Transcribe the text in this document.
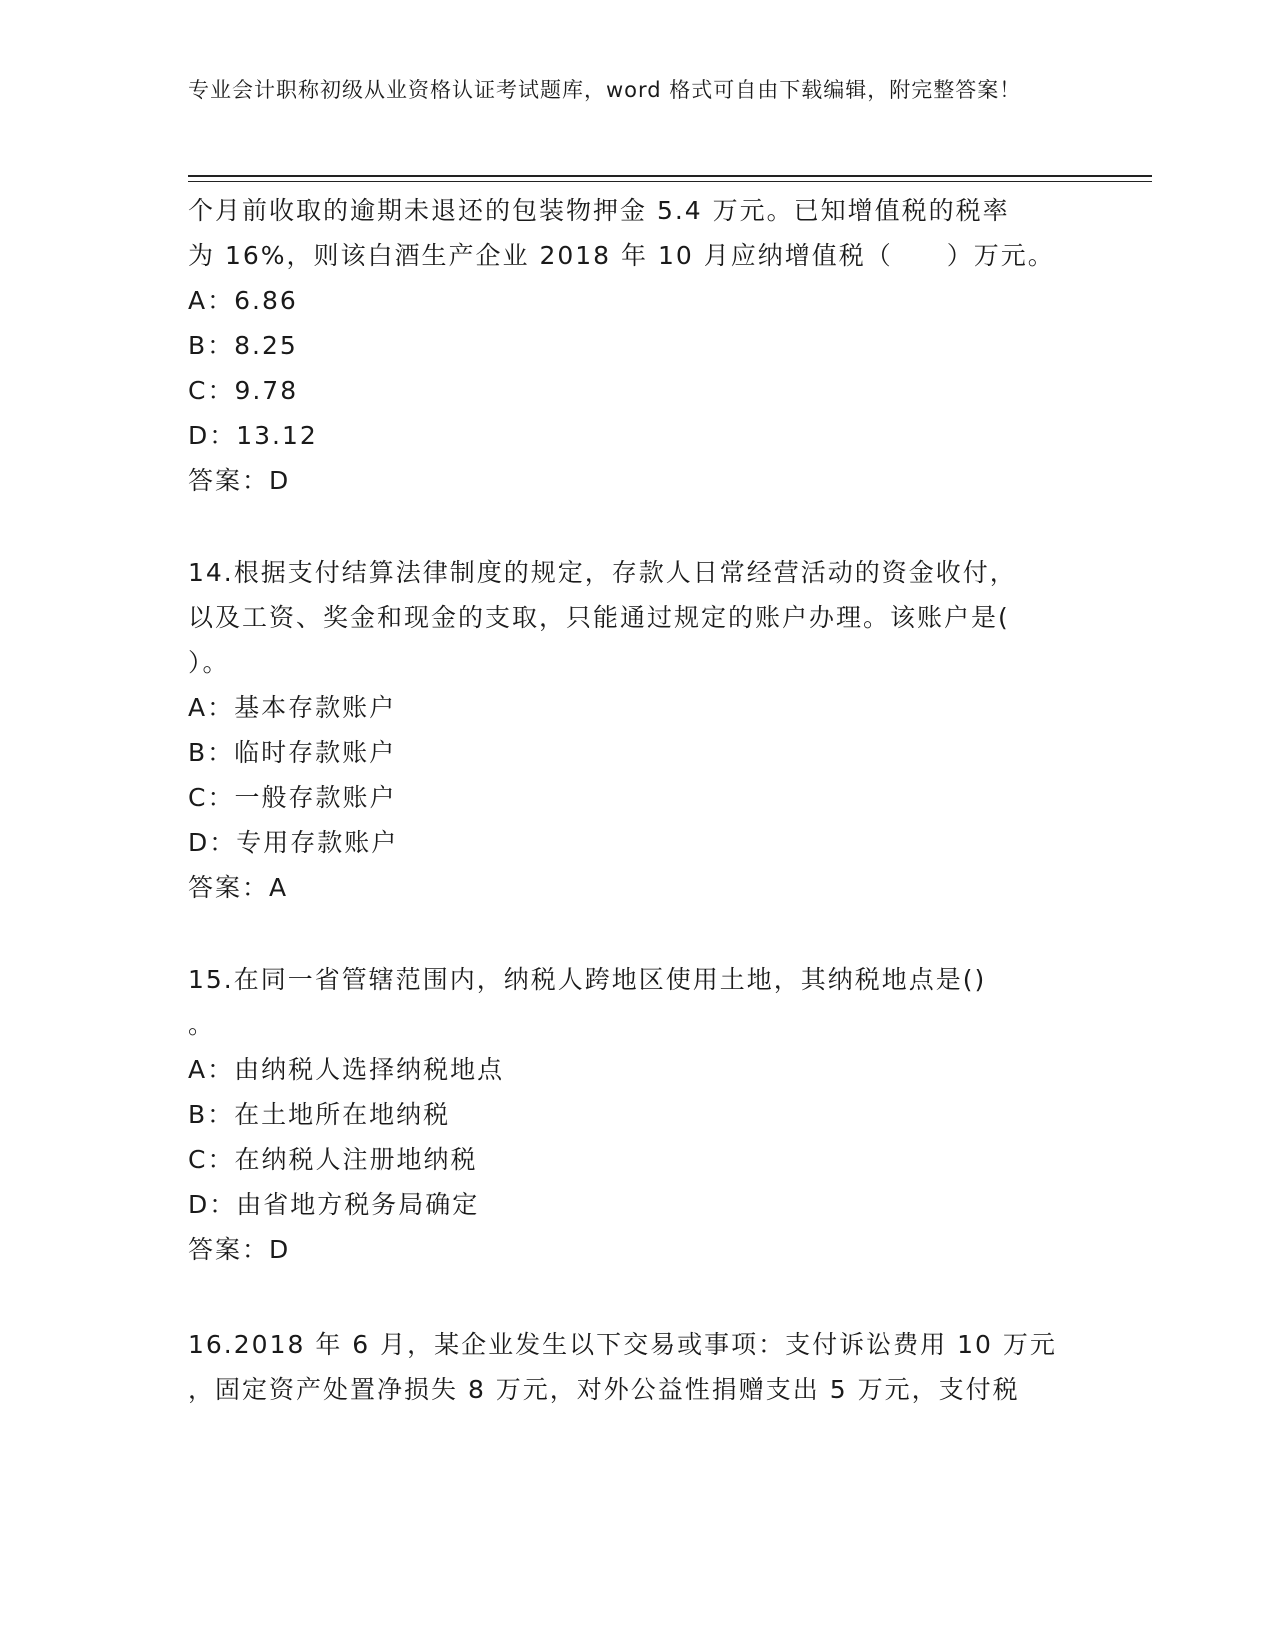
专业会计职称初级从业资格认证考试题库，word 格式可自由下载编辑，附完整答案！
个月前收取的逾期未退还的包装物押金 5.4 万元。已知增值税的税率
为 16%，则该白酒生产企业 2018 年 10 月应纳增值税（　　）万元。
A：6.86
B：8.25
C：9.78
D：13.12
答案：D
14.根据支付结算法律制度的规定，存款人日常经营活动的资金收付，
以及工资、奖金和现金的支取，只能通过规定的账户办理。该账户是(
）。
A：基本存款账户
B：临时存款账户
C：一般存款账户
D：专用存款账户
答案：A
15.在同一省管辖范围内，纳税人跨地区使用土地，其纳税地点是()
。
A：由纳税人选择纳税地点
B：在土地所在地纳税
C：在纳税人注册地纳税
D：由省地方税务局确定
答案：D
16.2018 年 6 月，某企业发生以下交易或事项：支付诉讼费用 10 万元
，固定资产处置净损失 8 万元，对外公益性捐赠支出 5 万元，支付税
